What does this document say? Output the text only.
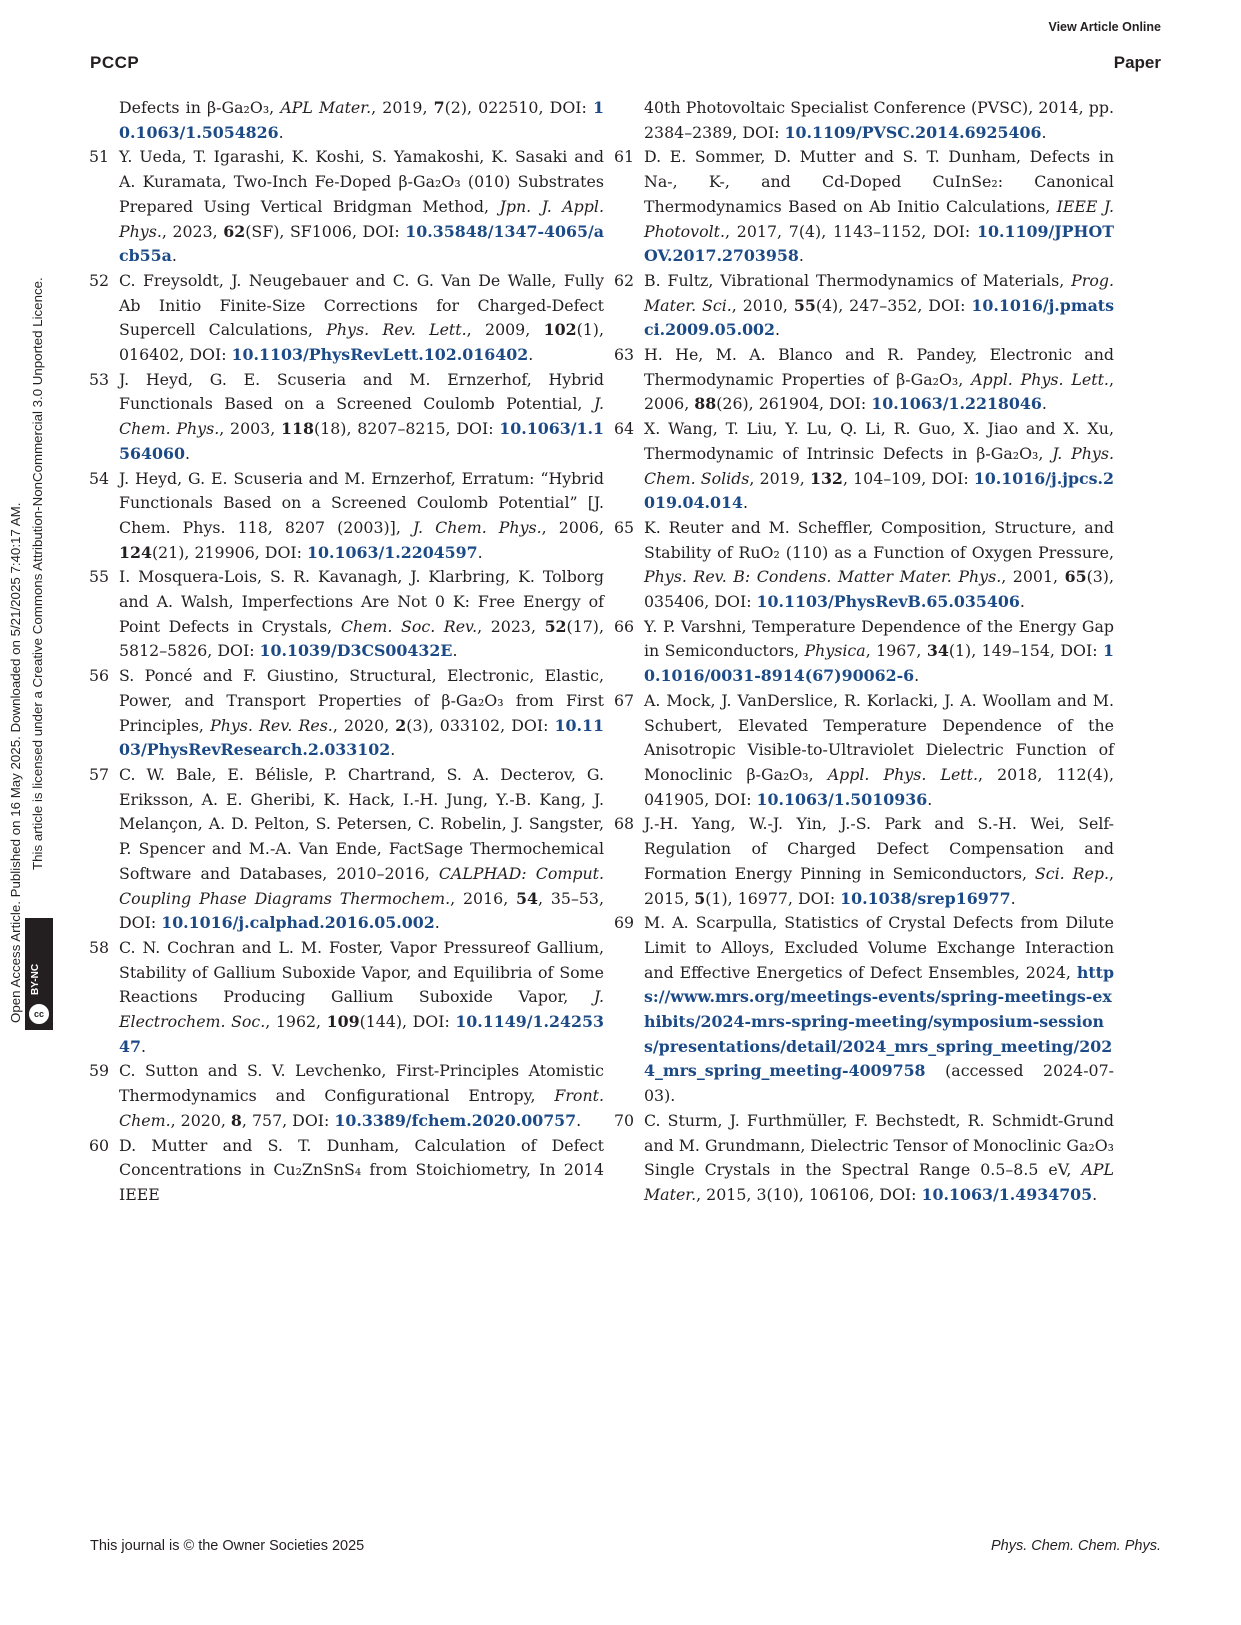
View Article Online
PCCP	Paper
Open Access Article. Published on 16 May 2025. Downloaded on 5/21/2025 7:40:17 AM. This article is licensed under a Creative Commons Attribution-NonCommercial 3.0 Unported Licence.
BY-NC
cc
Defects in β-Ga₂O₃, APL Mater., 2019, 7(2), 022510, DOI: 10.1063/1.5054826.
51 Y. Ueda, T. Igarashi, K. Koshi, S. Yamakoshi, K. Sasaki and A. Kuramata, Two-Inch Fe-Doped β-Ga₂O₃ (010) Substrates Prepared Using Vertical Bridgman Method, Jpn. J. Appl. Phys., 2023, 62(SF), SF1006, DOI: 10.35848/1347-4065/acb55a.
52 C. Freysoldt, J. Neugebauer and C. G. Van De Walle, Fully Ab Initio Finite-Size Corrections for Charged-Defect Supercell Calculations, Phys. Rev. Lett., 2009, 102(1), 016402, DOI: 10.1103/PhysRevLett.102.016402.
53 J. Heyd, G. E. Scuseria and M. Ernzerhof, Hybrid Functionals Based on a Screened Coulomb Potential, J. Chem. Phys., 2003, 118(18), 8207–8215, DOI: 10.1063/1.1564060.
54 J. Heyd, G. E. Scuseria and M. Ernzerhof, Erratum: “Hybrid Functionals Based on a Screened Coulomb Potential” [J. Chem. Phys. 118, 8207 (2003)], J. Chem. Phys., 2006, 124(21), 219906, DOI: 10.1063/1.2204597.
55 I. Mosquera-Lois, S. R. Kavanagh, J. Klarbring, K. Tolborg and A. Walsh, Imperfections Are Not 0 K: Free Energy of Point Defects in Crystals, Chem. Soc. Rev., 2023, 52(17), 5812–5826, DOI: 10.1039/D3CS00432E.
56 S. Poncé and F. Giustino, Structural, Electronic, Elastic, Power, and Transport Properties of β-Ga₂O₃ from First Principles, Phys. Rev. Res., 2020, 2(3), 033102, DOI: 10.1103/PhysRevResearch.2.033102.
57 C. W. Bale, E. Bélisle, P. Chartrand, S. A. Decterov, G. Eriksson, A. E. Gheribi, K. Hack, I.-H. Jung, Y.-B. Kang, J. Melançon, A. D. Pelton, S. Petersen, C. Robelin, J. Sangster, P. Spencer and M.-A. Van Ende, FactSage Thermochemical Software and Databases, 2010–2016, CALPHAD: Comput. Coupling Phase Diagrams Thermochem., 2016, 54, 35–53, DOI: 10.1016/j.calphad.2016.05.002.
58 C. N. Cochran and L. M. Foster, Vapor Pressureof Gallium, Stability of Gallium Suboxide Vapor, and Equilibria of Some Reactions Producing Gallium Suboxide Vapor, J. Electrochem. Soc., 1962, 109(144), DOI: 10.1149/1.2425347.
59 C. Sutton and S. V. Levchenko, First-Principles Atomistic Thermodynamics and Configurational Entropy, Front. Chem., 2020, 8, 757, DOI: 10.3389/fchem.2020.00757.
60 D. Mutter and S. T. Dunham, Calculation of Defect Concentrations in Cu₂ZnSnS₄ from Stoichiometry, In 2014 IEEE
40th Photovoltaic Specialist Conference (PVSC), 2014, pp. 2384–2389, DOI: 10.1109/PVSC.2014.6925406.
61 D. E. Sommer, D. Mutter and S. T. Dunham, Defects in Na-, K-, and Cd-Doped CuInSe₂: Canonical Thermodynamics Based on Ab Initio Calculations, IEEE J. Photovolt., 2017, 7(4), 1143–1152, DOI: 10.1109/JPHOTOV.2017.2703958.
62 B. Fultz, Vibrational Thermodynamics of Materials, Prog. Mater. Sci., 2010, 55(4), 247–352, DOI: 10.1016/j.pmatsci.2009.05.002.
63 H. He, M. A. Blanco and R. Pandey, Electronic and Thermodynamic Properties of β-Ga₂O₃, Appl. Phys. Lett., 2006, 88(26), 261904, DOI: 10.1063/1.2218046.
64 X. Wang, T. Liu, Y. Lu, Q. Li, R. Guo, X. Jiao and X. Xu, Thermodynamic of Intrinsic Defects in β-Ga₂O₃, J. Phys. Chem. Solids, 2019, 132, 104–109, DOI: 10.1016/j.jpcs.2019.04.014.
65 K. Reuter and M. Scheffler, Composition, Structure, and Stability of RuO₂ (110) as a Function of Oxygen Pressure, Phys. Rev. B: Condens. Matter Mater. Phys., 2001, 65(3), 035406, DOI: 10.1103/PhysRevB.65.035406.
66 Y. P. Varshni, Temperature Dependence of the Energy Gap in Semiconductors, Physica, 1967, 34(1), 149–154, DOI: 10.1016/0031-8914(67)90062-6.
67 A. Mock, J. VanDerslice, R. Korlacki, J. A. Woollam and M. Schubert, Elevated Temperature Dependence of the Anisotropic Visible-to-Ultraviolet Dielectric Function of Monoclinic β-Ga₂O₃, Appl. Phys. Lett., 2018, 112(4), 041905, DOI: 10.1063/1.5010936.
68 J.-H. Yang, W.-J. Yin, J.-S. Park and S.-H. Wei, Self-Regulation of Charged Defect Compensation and Formation Energy Pinning in Semiconductors, Sci. Rep., 2015, 5(1), 16977, DOI: 10.1038/srep16977.
69 M. A. Scarpulla, Statistics of Crystal Defects from Dilute Limit to Alloys, Excluded Volume Exchange Interaction and Effective Energetics of Defect Ensembles, 2024, https://www.mrs.org/meetings-events/spring-meetings-exhibits/2024-mrs-spring-meeting/symposium-sessions/presentations/detail/2024_mrs_spring_meeting/2024_mrs_spring_meeting-4009758 (accessed 2024-07-03).
70 C. Sturm, J. Furthmüller, F. Bechstedt, R. Schmidt-Grund and M. Grundmann, Dielectric Tensor of Monoclinic Ga₂O₃ Single Crystals in the Spectral Range 0.5–8.5 eV, APL Mater., 2015, 3(10), 106106, DOI: 10.1063/1.4934705.
This journal is © the Owner Societies 2025	Phys. Chem. Chem. Phys.
